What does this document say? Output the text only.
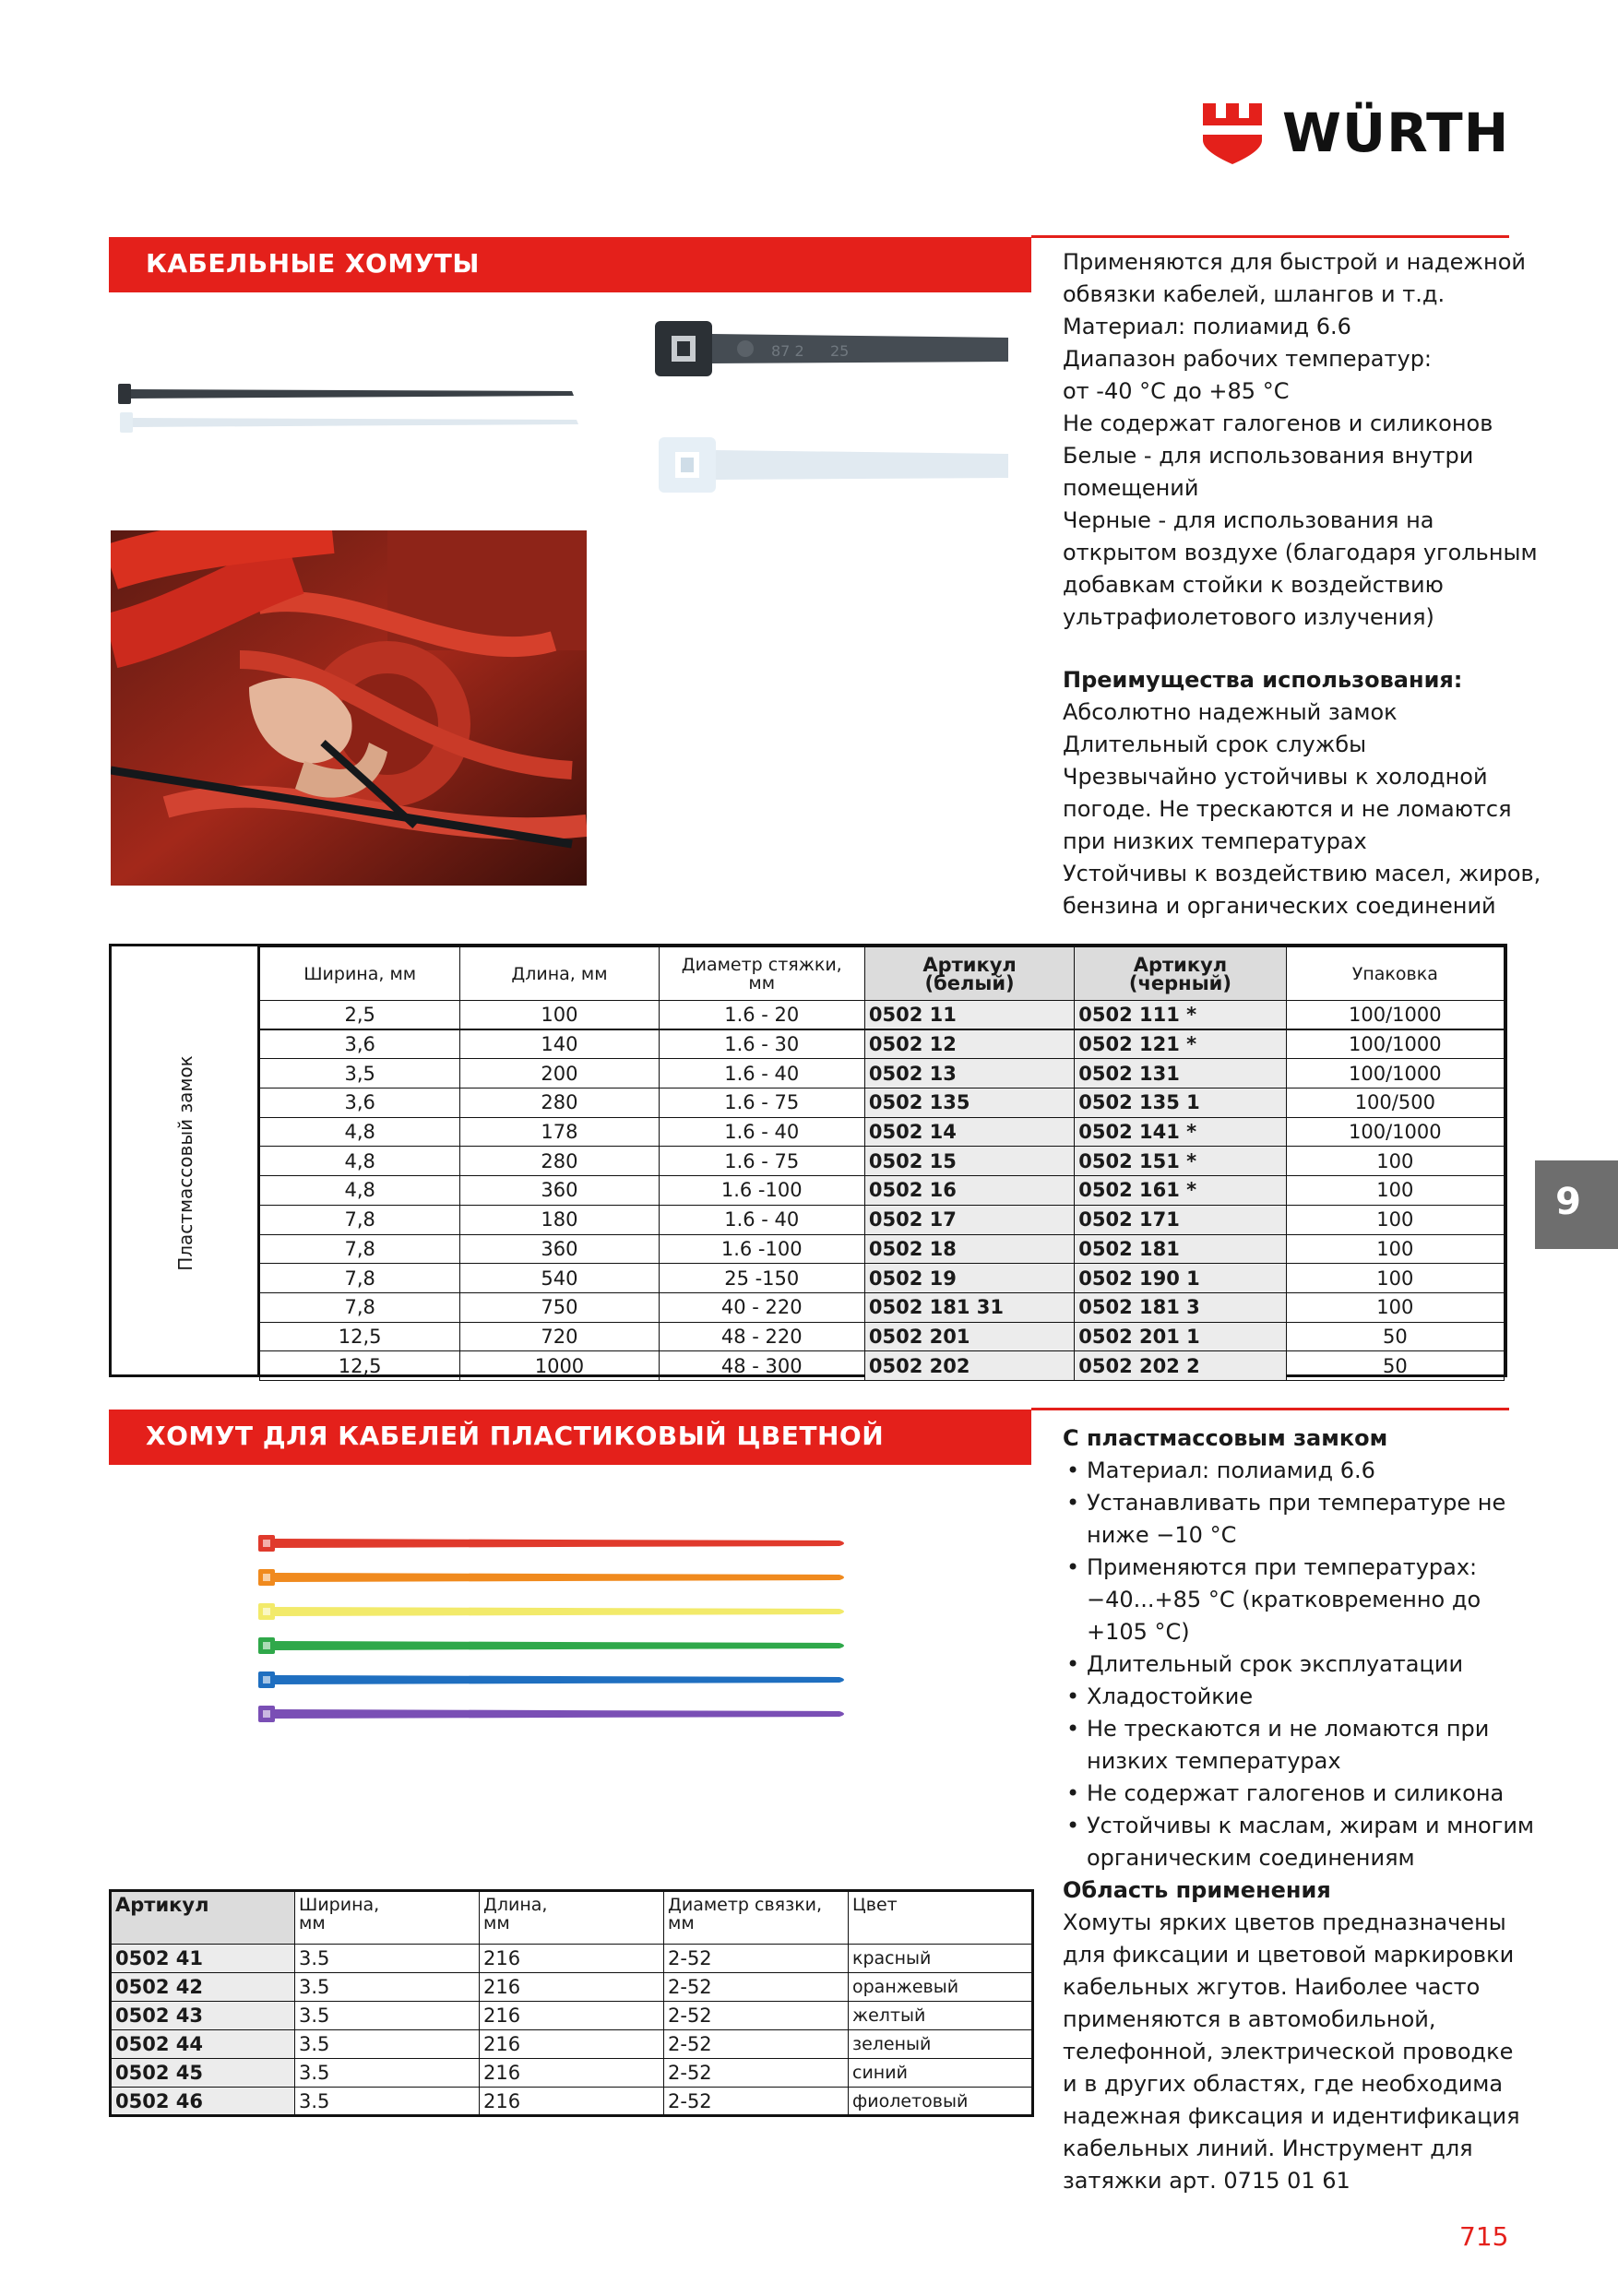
WÜRTH
КАБЕЛЬНЫЕ ХОМУТЫ
87 2 25
Применяются для быстрой и надежной
обвязки кабелей, шлангов и т.д.
Материал: полиамид 6.6
Диапазон рабочих температур:
от -40 °С до +85 °С
Не содержат галогенов и силиконов
Белые - для использования внутри
помещений
Черные - для использования на
открытом воздухе (благодаря угольным
добавкам стойки к воздействию
ультрафиолетового излучения)
Преимущества использования:
Абсолютно надежный замок
Длительный срок службы
Чрезвычайно устойчивы к холодной
погоде. Не трескаются и не ломаются
при низких температурах
Устойчивы к воздействию масел, жиров,
бензина и органических соединений
Пластмассовый замок
Ширина, мм	Длина, мм	Диаметр стяжки,
мм	Артикул
(белый)	Артикул
(черный)	Упаковка
2,5	100	1.6 - 20	0502 11	0502 111 *	100/1000
3,6	140	1.6 - 30	0502 12	0502 121 *	100/1000
3,5	200	1.6 - 40	0502 13	0502 131	100/1000
3,6	280	1.6 - 75	0502 135	0502 135 1	100/500
4,8	178	1.6 - 40	0502 14	0502 141 *	100/1000
4,8	280	1.6 - 75	0502 15	0502 151 *	100
4,8	360	1.6 -100	0502 16	0502 161 *	100
7,8	180	1.6 - 40	0502 17	0502 171	100
7,8	360	1.6 -100	0502 18	0502 181	100
7,8	540	25 -150	0502 19	0502 190 1	100
7,8	750	40 - 220	0502 181 31	0502 181 3	100
12,5	720	48 - 220	0502 201	0502 201 1	50
12,5	1000	48 - 300	0502 202	0502 202 2	50
9
ХОМУТ ДЛЯ КАБЕЛЕЙ ПЛАСТИКОВЫЙ ЦВЕТНОЙ	С пластмассовым замком
• Материал: полиамид 6.6
• Устанавливать при температуре не
ниже −10 °С
• Применяются при температурах:
−40...+85 °С (кратковременно до
+105 °С)
• Длительный срок эксплуатации
• Хладостойкие
• Не трескаются и не ломаются при
низких температурах
• Не содержат галогенов и силикона
• Устойчивы к маслам, жирам и многим
органическим соединениям
Область применения
Хомуты ярких цветов предназначены
для фиксации и цветовой маркировки
кабельных жгутов. Наиболее часто
применяются в автомобильной,
телефонной, электрической проводке
и в других областях, где необходима
надежная фиксация и идентификация
кабельных линий. Инструмент для
затяжки арт. 0715 01 61
Артикул	Ширина,
мм	Длина,
мм	Диаметр связки,
мм	Цвет
0502 41	3.5	216	2-52	красный
0502 42	3.5	216	2-52	оранжевый
0502 43	3.5	216	2-52	желтый
0502 44	3.5	216	2-52	зеленый
0502 45	3.5	216	2-52	синий
0502 46	3.5	216	2-52	фиолетовый
715
